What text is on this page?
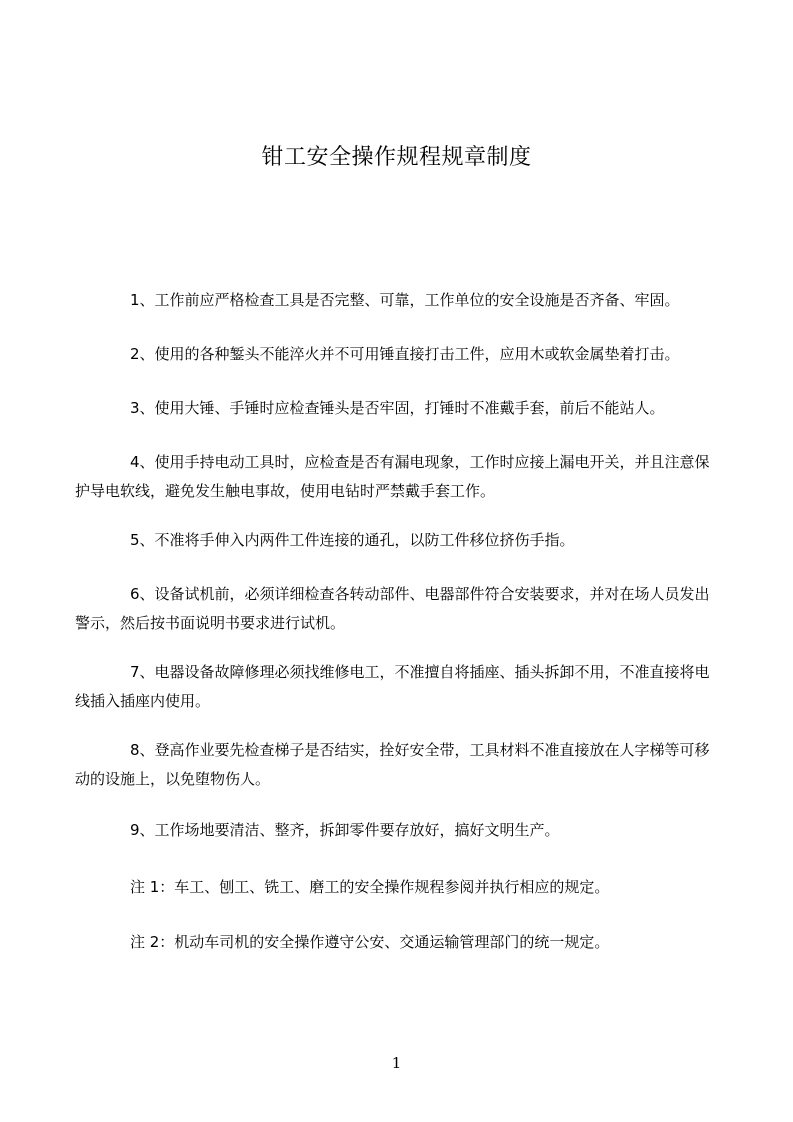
钳工安全操作规程规章制度
1、工作前应严格检查工具是否完整、可靠，工作单位的安全设施是否齐备、牢固。
2、使用的各种錾头不能淬火并不可用锤直接打击工件，应用木或软金属垫着打击。
3、使用大锤、手锤时应检查锤头是否牢固，打锤时不准戴手套，前后不能站人。
4、使用手持电动工具时，应检查是否有漏电现象，工作时应接上漏电开关，并且注意保护导电软线，避免发生触电事故，使用电钻时严禁戴手套工作。
5、不准将手伸入内两件工件连接的通孔，以防工件移位挤伤手指。
6、设备试机前，必须详细检查各转动部件、电器部件符合安装要求，并对在场人员发出警示，然后按书面说明书要求进行试机。
7、电器设备故障修理必须找维修电工，不准擅自将插座、插头拆卸不用，不准直接将电线插入插座内使用。
8、登高作业要先检查梯子是否结实，拴好安全带，工具材料不准直接放在人字梯等可移动的设施上，以免堕物伤人。
9、工作场地要清洁、整齐，拆卸零件要存放好，搞好文明生产。
注 1：车工、刨工、铣工、磨工的安全操作规程参阅并执行相应的规定。
注 2：机动车司机的安全操作遵守公安、交通运输管理部门的统一规定。
1
